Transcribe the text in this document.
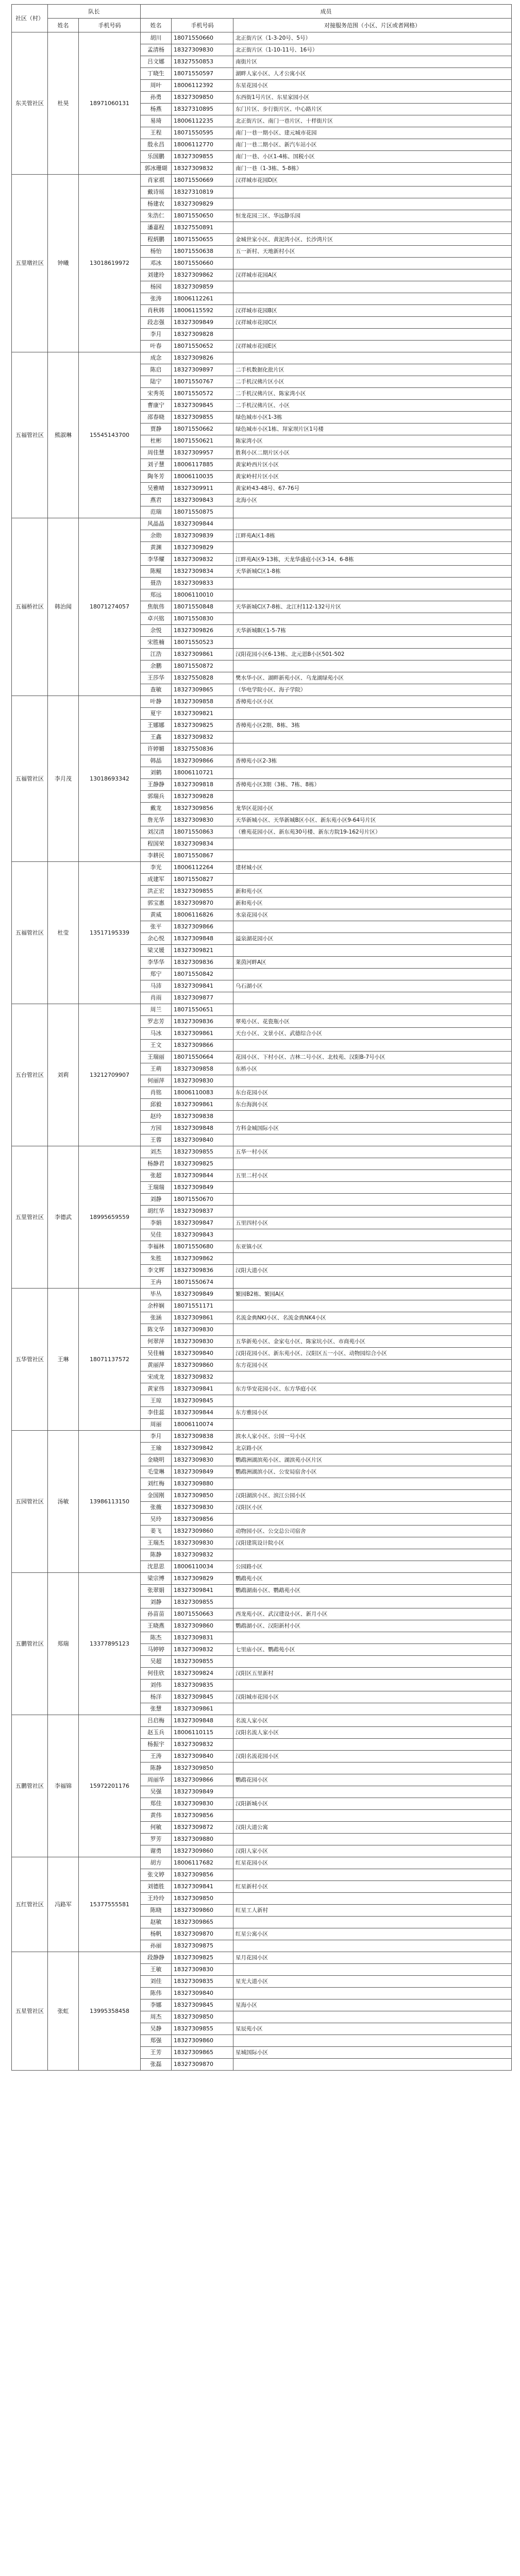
社区（村）	队长		成员		
	姓名	手机号码	姓名	手机号码	对接服务范围（小区、片区或者网格）
东关管社区	杜昊	18971060131	胡川	18071550660	北正街片区（1-3-20号、5号）
			孟清杨	18327309830	北正街片区（1-10-11号、16号）
			吕文娜	18327550853	南街片区
			丁晓生	18071550597	湖畔人家小区、人才公寓小区
			周叶	18006112392	东星花园小区
			孙勇	18327309850	东西街1号片区、东星家园小区
			杨燕	18327310895	东门片区、步行街片区、中心路片区
			易琦	18006112235	北正街片区、南门一巷片区、十样街片区
			王程	18071550595	南门一巷一期小区、建元城市花园
			殷永昌	18006112770	南门一巷二期小区、新汽车站小区
			乐国鹏	18327309855	南门一巷、小区1-4栋、国税小区
			郭冰珊瑚	18327309832	南门一巷（1-3栋、5-8栋）
五里墩社区	钟曦	13018619972	肖家祺	18071550669	汉祥城市花园D区
			戴诗瑶	18327310819	
			杨建农	18327309829	
			朱浩仁	18071550650	恒龙花园三区、华远静乐园
			潘嘉程	18327550891	
			程炳鹏	18071550655	金城世家小区、黄泥湾小区、长沙湾片区
			杨怡	18071550638	五一新村、天地新村小区
			邓冰	18071550660	
			刘建玲	18327309862	汉祥城市花园A区
			杨园	18327309859	
			张涛	18006112261	
			肖秋韩	18006115592	汉祥城市花园B区
			段志强	18327309849	汉祥城市花园C区
			李月	18327309828	
			叶春	18071550652	汉祥城市花园E区
五福管社区	熊淑琳	15545143700	成念	18327309826	
			陈启	18327309897	二手机数据化批片区
			陆宁	18071550767	二手机汉佛片区小区
			宋秀英	18071550572	二手机汉佛片区、陈家湾小区
			曹康宁	18327309845	二手机汉佛片区、小区
			邵春晓	18327309855	绿色城市小区1-3栋
			贾静	18071550662	绿色城市小区1栋、拜家坝片区1号楼
			杜彬	18071550621	陈家湾小区
			周佳慧	18327309957	胜利小区二期片区小区
			刘子慧	18006117885	黄家岭西片区小区
			陶冬芳	18006110035	黄家岭村片区小区
			吴雅晴	18327309911	黄家岭43-48号、67-76号
			燕君	18327309843	北海小区
			范瑞	18071550875	
五福桥社区	韩治闻	18071274057	风晶晶	18327309844	
			余勋	18327309839	江畔苑A区1-8栋
			黄渊	18327309829	
			李华耀	18327309832	江畔苑A区9-13栋，天龙华盛庭小区3-14、6-8栋
			陈鲲	18327309834	天华新城C区1-8栋
			聂浩	18327309833	
			郑远	18006110010	
			焦航伟	18071550848	天华新城C区7-8栋、北江村112-132号片区
			卓兴铭	18071550830	
			余悦	18327309826	天华新城B区1-5-7栋
			宋胜楠	18071550523	
			江浩	18327309861	汉阳花园小区6-13栋、北元恩B小区501-502
			余鹏	18071550872	
			王莎华	18327550828	樊水华小区、湖畔新苑小区、乌龙湖绿苑小区
			查敏	18327309865	（华电学院小区、海子学院）
五福管社区	李月茂	13018693342	叶静	18327309858	香樟苑小区小区
			夏宇	18327309821	
			王娜娜	18327309825	香樟苑小区2期、8栋、3栋
			王鑫	18327309832	
			许婷媚	18327550836	
			韩晶	18327309866	香樟苑小区2-3栋
			刘鹤	18006110721	
			王静静	18327309818	香樟苑小区3期（3栋、7栋、8栋）
			郭瑞兵	18327309828	
			戴龙	18327309856	龙华区花园小区
			詹光华	18327309830	天华新城小区、天华新城B区小区、新东苑小区9-64号片区
			刘汉清	18071550863	（雅苑花园小区、新东苑30号楼、新东方院19-162号片区）
			程国荣	18327309834	
			李耕民	18071550867	
五福管社区	杜莹	13517195339	李光	18006112264	建材城小区
			成建军	18071550827	
			洪正宏	18327309855	新和苑小区
			郭宝惠	18327309870	新和苑小区
			黄威	18006116826	水泉花园小区
			张平	18327309866	
			余心悦	18327309848	溢泉湖花园小区
			梁又媛	18327309821	
			李华华	18327309836	莱茵河畔A区
			郑宁	18071550842	
			马沛	18327309841	乌石湖小区
			肖雨	18327309877	
五台管社区	刘莉	13212709907	周兰	18071550651	
			罗志芳	18327309836	翠苑小区、花瓷瓶小区
			马冰	18327309861	天台小区、文景小区、武德综合小区
			王文	18327309866	
			王瑞丽	18071550664	花园小区、下村小区、吉林二号小区、北枝苑、汉阳B-7号小区
			王萌	18327309858	东桥小区
			何丽萍	18327309830	
			肖铭	18006110083	东台花园小区
			邱毅	18327309861	东台海润小区
			赵玲	18327309838	
			方园	18327309848	方科金城国际小区
			王蓉	18327309840	
五里管社区	李德武	18995659559	刘杰	18327309855	五华一村小区
			杨静君	18327309825	
			张超	18327309844	五里二村小区
			王瑞瑞	18327309849	
			刘静	18071550670	
			胡红华	18327309837	
			李娟	18327309847	五里四村小区
			吴佳	18327309843	
			李福林	18071550680	东亚镇小区
			朱胜	18327309862	
			李文辉	18327309836	汉阳大道小区
			王冉	18071550674	
五华管社区	王琳	18071137572	毕丛	18327309849	繁园B2栋、繁园A区
			余梓娴	18071551171	
			张涵	18327309861	名流金典NKI小区、名流金典NK4小区
			陈文华	18327309830	
			何翠萍	18327309830	五华新苑小区、金家屯小区、陈家坑小区、市商苑小区
			吴佳楠	18327309840	汉阳花园小区、新东苑小区、汉阳区五一小区、动物园综合小区
			黄丽萍	18327309860	东方花园小区
			宋成龙	18327309832	
			黄家伟	18327309841	东方华安花园小区、东方华庭小区
			王琼	18327309845	
			李佳蕊	18327309844	东方雅园小区
			周丽	18006110074	
五园管社区	汤敏	13986113150	李月	18327309838	滨水人家小区、公园一号小区
			王瑜	18327309842	北京路小区
			金晓明	18327309830	鹦鹉洲湖滨苑小区、湖滨苑小区片区
			毛莹琳	18327309849	鹦鹉洲湖滨小区、公安局宿舍小区
			刘红梅	18327309880	
			金国刚	18327309850	汉阳湖滨小区、滨江公园小区
			张薇	18327309830	汉阳区小区
			吴玲	18327309856	
			姜飞	18327309860	动物园小区、公交总公司宿舍
			王瑞杰	18327309830	汉阳建筑设计院小区
			陈静	18327309832	
			沈思思	18006110034	公园路小区
五鹏管社区	郑瑞	13377895123	梁宗博	18327309829	鹦鹉苑小区
			张翠娟	18327309841	鹦鹉湖南小区、鹦鹉苑小区
			刘静	18327309855	
			孙苗苗	18071550663	西龙苑小区、武汉建设小区、新月小区
			王晓燕	18327309860	鹦鹉湖小区、汉阳新村小区
			陈杰	18327309831	
			马婷婷	18327309832	七里庙小区、鹦鹉苑小区
			吴超	18327309855	
			何佳欣	18327309824	汉阳区五里新村
			刘伟	18327309835	
			杨洋	18327309845	汉阳城市花园小区
			张慧	18327309861	
五鹏管社区	李福锦	15972201176	吕启梅	18327309848	名流人家小区
			赵玉兵	18006110115	汉阳名流人家小区
			杨振宇	18327309832	
			王涛	18327309840	汉阳名流花园小区
			陈静	18327309850	
			周丽华	18327309866	鹦鹉花园小区
			吴强	18327309849	
			郑佳	18327309830	汉阳新城小区
			黄伟	18327309856	
			何敏	18327309872	汉阳大道公寓
			罗芳	18327309880	
			谢勇	18327309860	汉阳人家小区
五红管社区	冯路军	15377555581	胡方	18006117682	红星花园小区
			张文婷	18327309856	
			刘德胜	18327309841	红星新村小区
			王玲玲	18327309850	
			陈晓	18327309860	红星工人新村
			赵敏	18327309865	
			杨帆	18327309870	红星公寓小区
			孙丽	18327309875	
五星管社区	张虹	13995358458	段静静	18327309825	星月花园小区
			王敏	18327309830	
			刘佳	18327309835	星光大道小区
			陈伟	18327309840	
			李娜	18327309845	星海小区
			周杰	18327309850	
			吴静	18327309855	星辰苑小区
			郑强	18327309860	
			王芳	18327309865	星城国际小区
			张磊	18327309870	
